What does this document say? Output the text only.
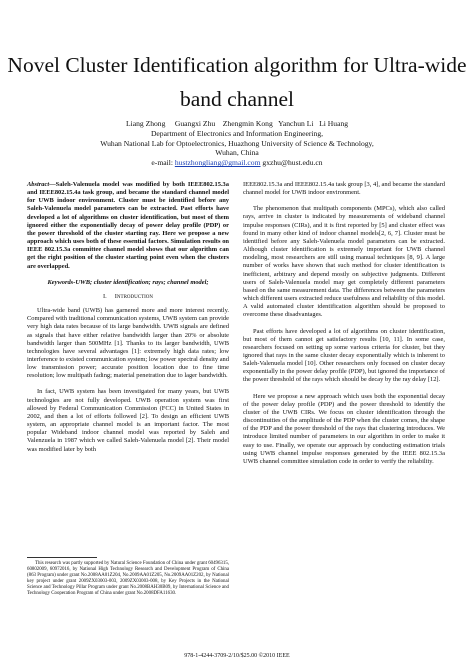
Novel Cluster Identification algorithm for Ultra-wide band channel
Liang Zhong     Guangxi Zhu    Zhengmin Kong   Yanchun Li   Li Huang
Department of Electronics and Information Engineering,
Wuhan National Lab for Optoelectronics, Huazhong University of Science & Technology,
Wuhan, China
e-mail: hustzhongliang@gmail.com gxzhu@hust.edu.cn

Abstract—Saleh-Valenuela model was modified by both IEEE802.15.3a and IEEE802.15.4a task group, and became the standard channel model for UWB indoor environment. Cluster must be identified before any Saleh-Valenuela model parameters can be extracted. Past efforts have developed a lot of algorithms on cluster identification, but most of them ignored either the exponentially decay of power delay profile (PDP) or the power threshold of the cluster starting ray. Here we propose a new approach which uses both of these essential factors. Simulation results on IEEE 802.15.3a committee channel model shows that our algorithm can get the right position of the cluster starting point even when the clusters are overlapped.

Keywords-UWB; cluster identification; rays; channel model;

I.     Introduction

Ultra-wide band (UWB) has garnered more and more interest recently. Compared with traditional communication systems, UWB system can provide very high data rates because of its large bandwidth. UWB signals are defined as signals that have either relative bandwidth larger than 20% or absolute bandwidth larger than 500MHz [1]. Thanks to its larger bandwidth, UWB technologies have several advantages [1]: extremely high data rates; low interference to existed communication system; low power spectral density and low transmission power; accurate position location due to fine time resolution; low multipath fading; material penetration due to lager bandwidth.

In fact, UWB system has been investigated for many years, but UWB technologies are not fully developed. UWB operation system was first allowed by Federal Communication Commission (FCC) in United States in 2002, and then a lot of efforts followed [2]. To design an efficient UWB system, an appropriate channel model is an important factor. The most popular Wideband indoor channel model was reported by Saleh and Valenzuela in 1987 which we called Saleh-Valenuela model [2]. Their model was modified later by both

This research was partly supported by Natural Science Foundation of China under grant 60496315, 60802009, 60972016, by National High Technology Research and Development Program of China (863 Program) under grant No.2008AA01Z204, No.2009AA01Z205, No.2009AA01Z202, by National key project under grant 2009ZX03003-003, 2009ZX03003-008, by Key Projects in the National Science and Technology Pillar Program under grant No.2008BAH30B09, by International Science and Technology Cooperation Program of China under grant No.2008DFA11630.

IEEE802.15.3a and IEEE802.15.4a task group [3, 4], and became the standard channel model for UWB indoor environment.

The phenomenon that multipath components (MPCs), which also called rays, arrive in cluster is indicated by measurements of wideband channel impulse responses (CIRs), and it is first reported by [5] and cluster effect was found in many other kind of indoor channel models[2, 6, 7]. Cluster must be identified before any Saleh-Valenuela model parameters can be extracted. Although cluster identification is extremely important for UWB channel modeling, most researchers are still using manual techniques [8, 9]. A large number of works have shown that such method for cluster identification is inefficient, arbitrary and depend mostly on subjective judgments. Different users of Saleh-Valenuela model may get completely different parameters based on the same measurement data. The differences between the parameters which different users extracted reduce usefulness and reliability of this model. A valid automated cluster identification algorithm should be proposed to overcome these disadvantages.

Past efforts have developed a lot of algorithms on cluster identification, but most of them cannot get satisfactory results [10, 11]. In some case, researchers focused on setting up some various criteria for cluster, but they ignored that rays in the same cluster decay exponentially which is inherent to Saleh-Valenuela model [10]. Other researchers only focused on cluster decay exponentially in the power delay profile (PDP), but ignored the importance of the power threshold of the rays which should be decay by the ray delay [12].

Here we propose a new approach which uses both the exponential decay of the power delay profile (PDP) and the power threshold to identify the cluster of the UWB CIRs. We focus on cluster identification through the discontinuities of the amplitude of the PDP when the cluster comes, the shape of the PDP and the power threshold of the rays that clustering introduces. We introduce limited number of parameters in our algorithm in order to make it easy to use. Finally, we operate our approach by conducting estimation trials using UWB channel impulse responses generated by the IEEE 802.15.3a UWB channel committee simulation code in order to verify the reliability.

978-1-4244-3709-2/10/$25.00 ©2010 IEEE
